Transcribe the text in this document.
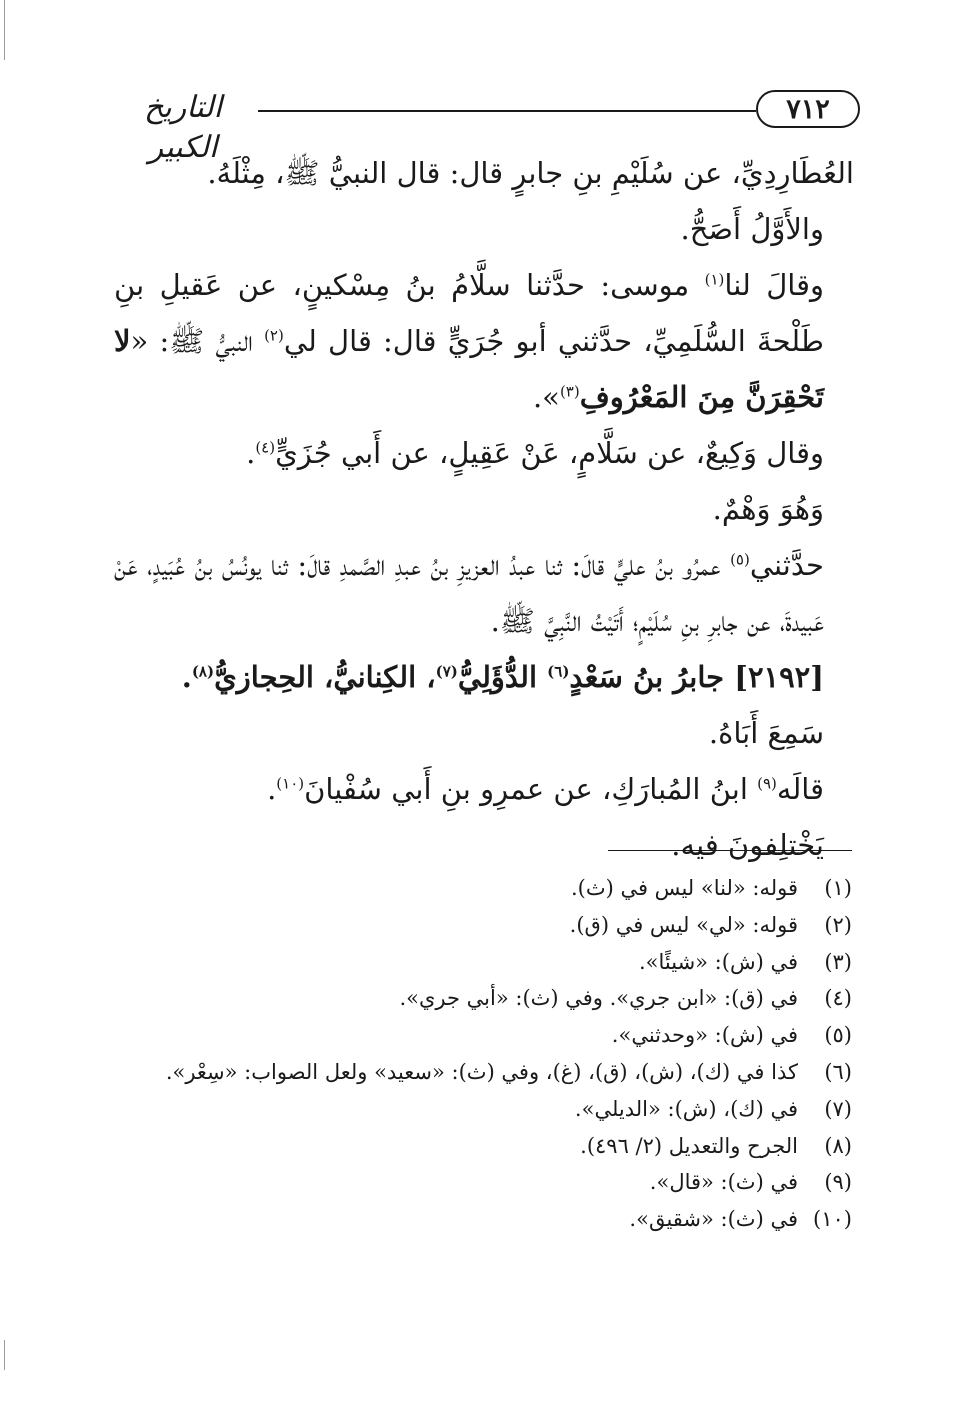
٧١٢
التاريخ الكبير

العُطَارِدِيِّ، عن سُلَيْمِ بنِ جابرٍ قال: قال النبيُّ ﷺ، مِثْلَهُ.

والأَوَّلُ أَصَحُّ.

وقالَ لنا$^{(١)}$ موسى: حدَّثنا سلَّامُ بنُ مِسْكينٍ، عن عَقيلِ بنِ طَلْحةَ السُّلَمِيِّ، حدَّثني أبو جُرَيٍّ قال: قال لي$^{(٢)}$ النبيُّ ﷺ: «لا تَحْقِرَنَّ مِنَ المَعْرُوفِ$^{(٣)}$».

وقال وَكِيعٌ، عن سَلَّامٍ، عَنْ عَقِيلٍ، عن أَبي جُزَيٍّ$^{(٤)}$.

وَهُوَ وَهْمٌ.

حدَّثني$^{(٥)}$ عمرُو بنُ عليٍّ قالَ: ثنا عبدُ العزيزِ بنُ عبدِ الصَّمدِ قالَ: ثنا يونُسُ بنُ عُبَيدٍ، عَنْ عَبيدةَ، عن جابرِ بنِ سُلَيْمٍ؛ أَتَيْتُ النَّبِيَّ ﷺ.

[٢١٩٢] جابرُ بنُ سَعْدٍ$^{(٦)}$ الدُّؤَلِيُّ$^{(٧)}$، الكِنانيُّ، الحِجازيُّ$^{(٨)}$.

سَمِعَ أَبَاهُ.

قالَه$^{(٩)}$ ابنُ المُبارَكِ، عن عمرِو بنِ أَبي سُفْيانَ$^{(١٠)}$.

يَخْتلِفونَ فيه.

(١)
قوله: «لنا» ليس في (ث).
(٢)
قوله: «لي» ليس في (ق).
(٣)
في (ش): «شيئًا».
(٤)
في (ق): «ابن جري». وفي (ث): «أبي جري».
(٥)
في (ش): «وحدثني».
(٦)
كذا في (ك)، (ش)، (ق)، (غ)، وفي (ث): «سعيد» ولعل الصواب: «سِعْر».
(٧)
في (ك)، (ش): «الديلي».
(٨)
الجرح والتعديل (٢/ ٤٩٦).
(٩)
في (ث): «قال».
(١٠)
في (ث): «شقيق».
